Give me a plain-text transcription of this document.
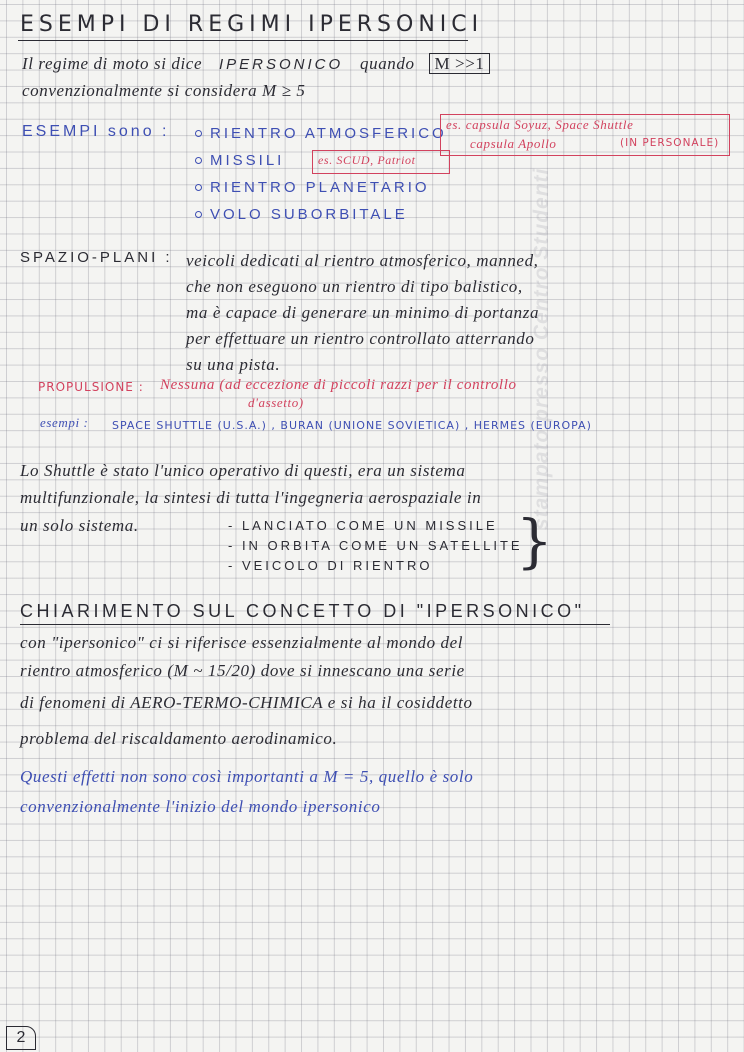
ESEMPI DI REGIMI IPERSONICI
Il regime di moto si dice IPERSONICO quando M >>1
convenzionalmente si considera M ≥ 5
ESEMPI sono :	RIENTRO ATMOSFERICO
MISSILI
RIENTRO PLANETARIO
VOLO SUBORBITALE
es. capsula Soyuz, Space Shuttle
capsula Apollo	(IN PERSONALE)
es. SCUD, Patriot
SPAZIO-PLANI : veicoli dedicati al rientro atmosferico, manned,
che non eseguono un rientro di tipo balistico,
ma è capace di generare un minimo di portanza
per effettuare un rientro controllato atterrando
su una pista.
PROPULSIONE : Nessuna (ad eccezione di piccoli razzi per il controllo
d'assetto)
esempi : SPACE SHUTTLE (U.S.A.) , BURAN (UNIONE SOVIETICA) , HERMES (EUROPA)
Lo Shuttle è stato l'unico operativo di questi, era un sistema
multifunzionale, la sintesi di tutta l'ingegneria aerospaziale in
un solo sistema.	- LANCIATO COME UN MISSILE
- IN ORBITA COME UN SATELLITE
- VEICOLO DI RIENTRO }
CHIARIMENTO SUL CONCETTO DI "IPERSONICO"
con "ipersonico" ci si riferisce essenzialmente al mondo del
rientro atmosferico (M ~ 15/20) dove si innescano una serie
di fenomeni di AERO-TERMO-CHIMICA e si ha il cosiddetto
problema del riscaldamento aerodinamico.
Questi effetti non sono così importanti a M = 5, quello è solo
convenzionalmente l'inizio del mondo ipersonico
2
stampato presso Centro Studenti
